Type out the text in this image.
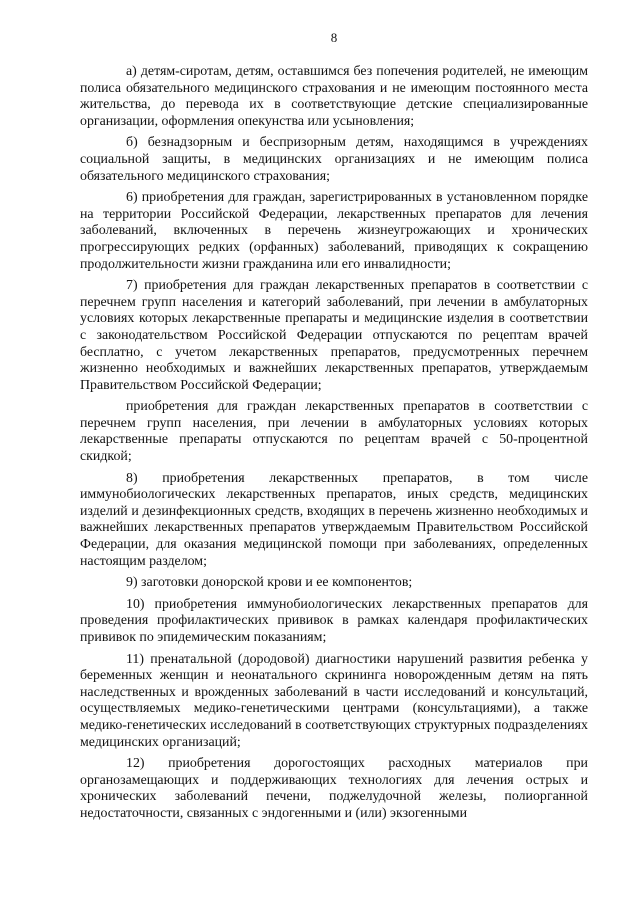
8

а) детям-сиротам, детям, оставшимся без попечения родителей, не имеющим полиса обязательного медицинского страхования и не имеющим постоянного места жительства, до перевода их в соответствующие детские специализированные организации, оформления опекунства или усыновления;

б) безнадзорным и беспризорным детям, находящимся в учреждениях социальной защиты, в медицинских организациях и не имеющим полиса обязательного медицинского страхования;

6) приобретения для граждан, зарегистрированных в установленном порядке на территории Российской Федерации, лекарственных препаратов для лечения заболеваний, включенных в перечень жизнеугрожающих и хронических прогрессирующих редких (орфанных) заболеваний, приводящих к сокращению продолжительности жизни гражданина или его инвалидности;

7) приобретения для граждан лекарственных препаратов в соответствии с перечнем групп населения и категорий заболеваний, при лечении в амбулаторных условиях которых лекарственные препараты и медицинские изделия в соответствии с законодательством Российской Федерации отпускаются по рецептам врачей бесплатно, с учетом лекарственных препаратов, предусмотренных перечнем жизненно необходимых и важнейших лекарственных препаратов, утверждаемым Правительством Российской Федерации;

приобретения для граждан лекарственных препаратов в соответствии с перечнем групп населения, при лечении в амбулаторных условиях которых лекарственные препараты отпускаются по рецептам врачей с 50-процентной скидкой;

8) приобретения лекарственных препаратов, в том числе иммунобиологических лекарственных препаратов, иных средств, медицинских изделий и дезинфекционных средств, входящих в перечень жизненно необходимых и важнейших лекарственных препаратов утверждаемым Правительством Российской Федерации, для оказания медицинской помощи при заболеваниях, определенных настоящим разделом;

9) заготовки донорской крови и ее компонентов;

10) приобретения иммунобиологических лекарственных препаратов для проведения профилактических прививок в рамках календаря профилактических прививок по эпидемическим показаниям;

11) пренатальной (дородовой) диагностики нарушений развития ребенка у беременных женщин и неонатального скрининга новорожденным детям на пять наследственных и врожденных заболеваний в части исследований и консультаций, осуществляемых медико-генетическими центрами (консультациями), а также медико-генетических исследований в соответствующих структурных подразделениях медицинских организаций;

12) приобретения дорогостоящих расходных материалов при органозамещающих и поддерживающих технологиях для лечения острых и хронических заболеваний печени, поджелудочной железы, полиорганной недостаточности, связанных с эндогенными и (или) экзогенными
